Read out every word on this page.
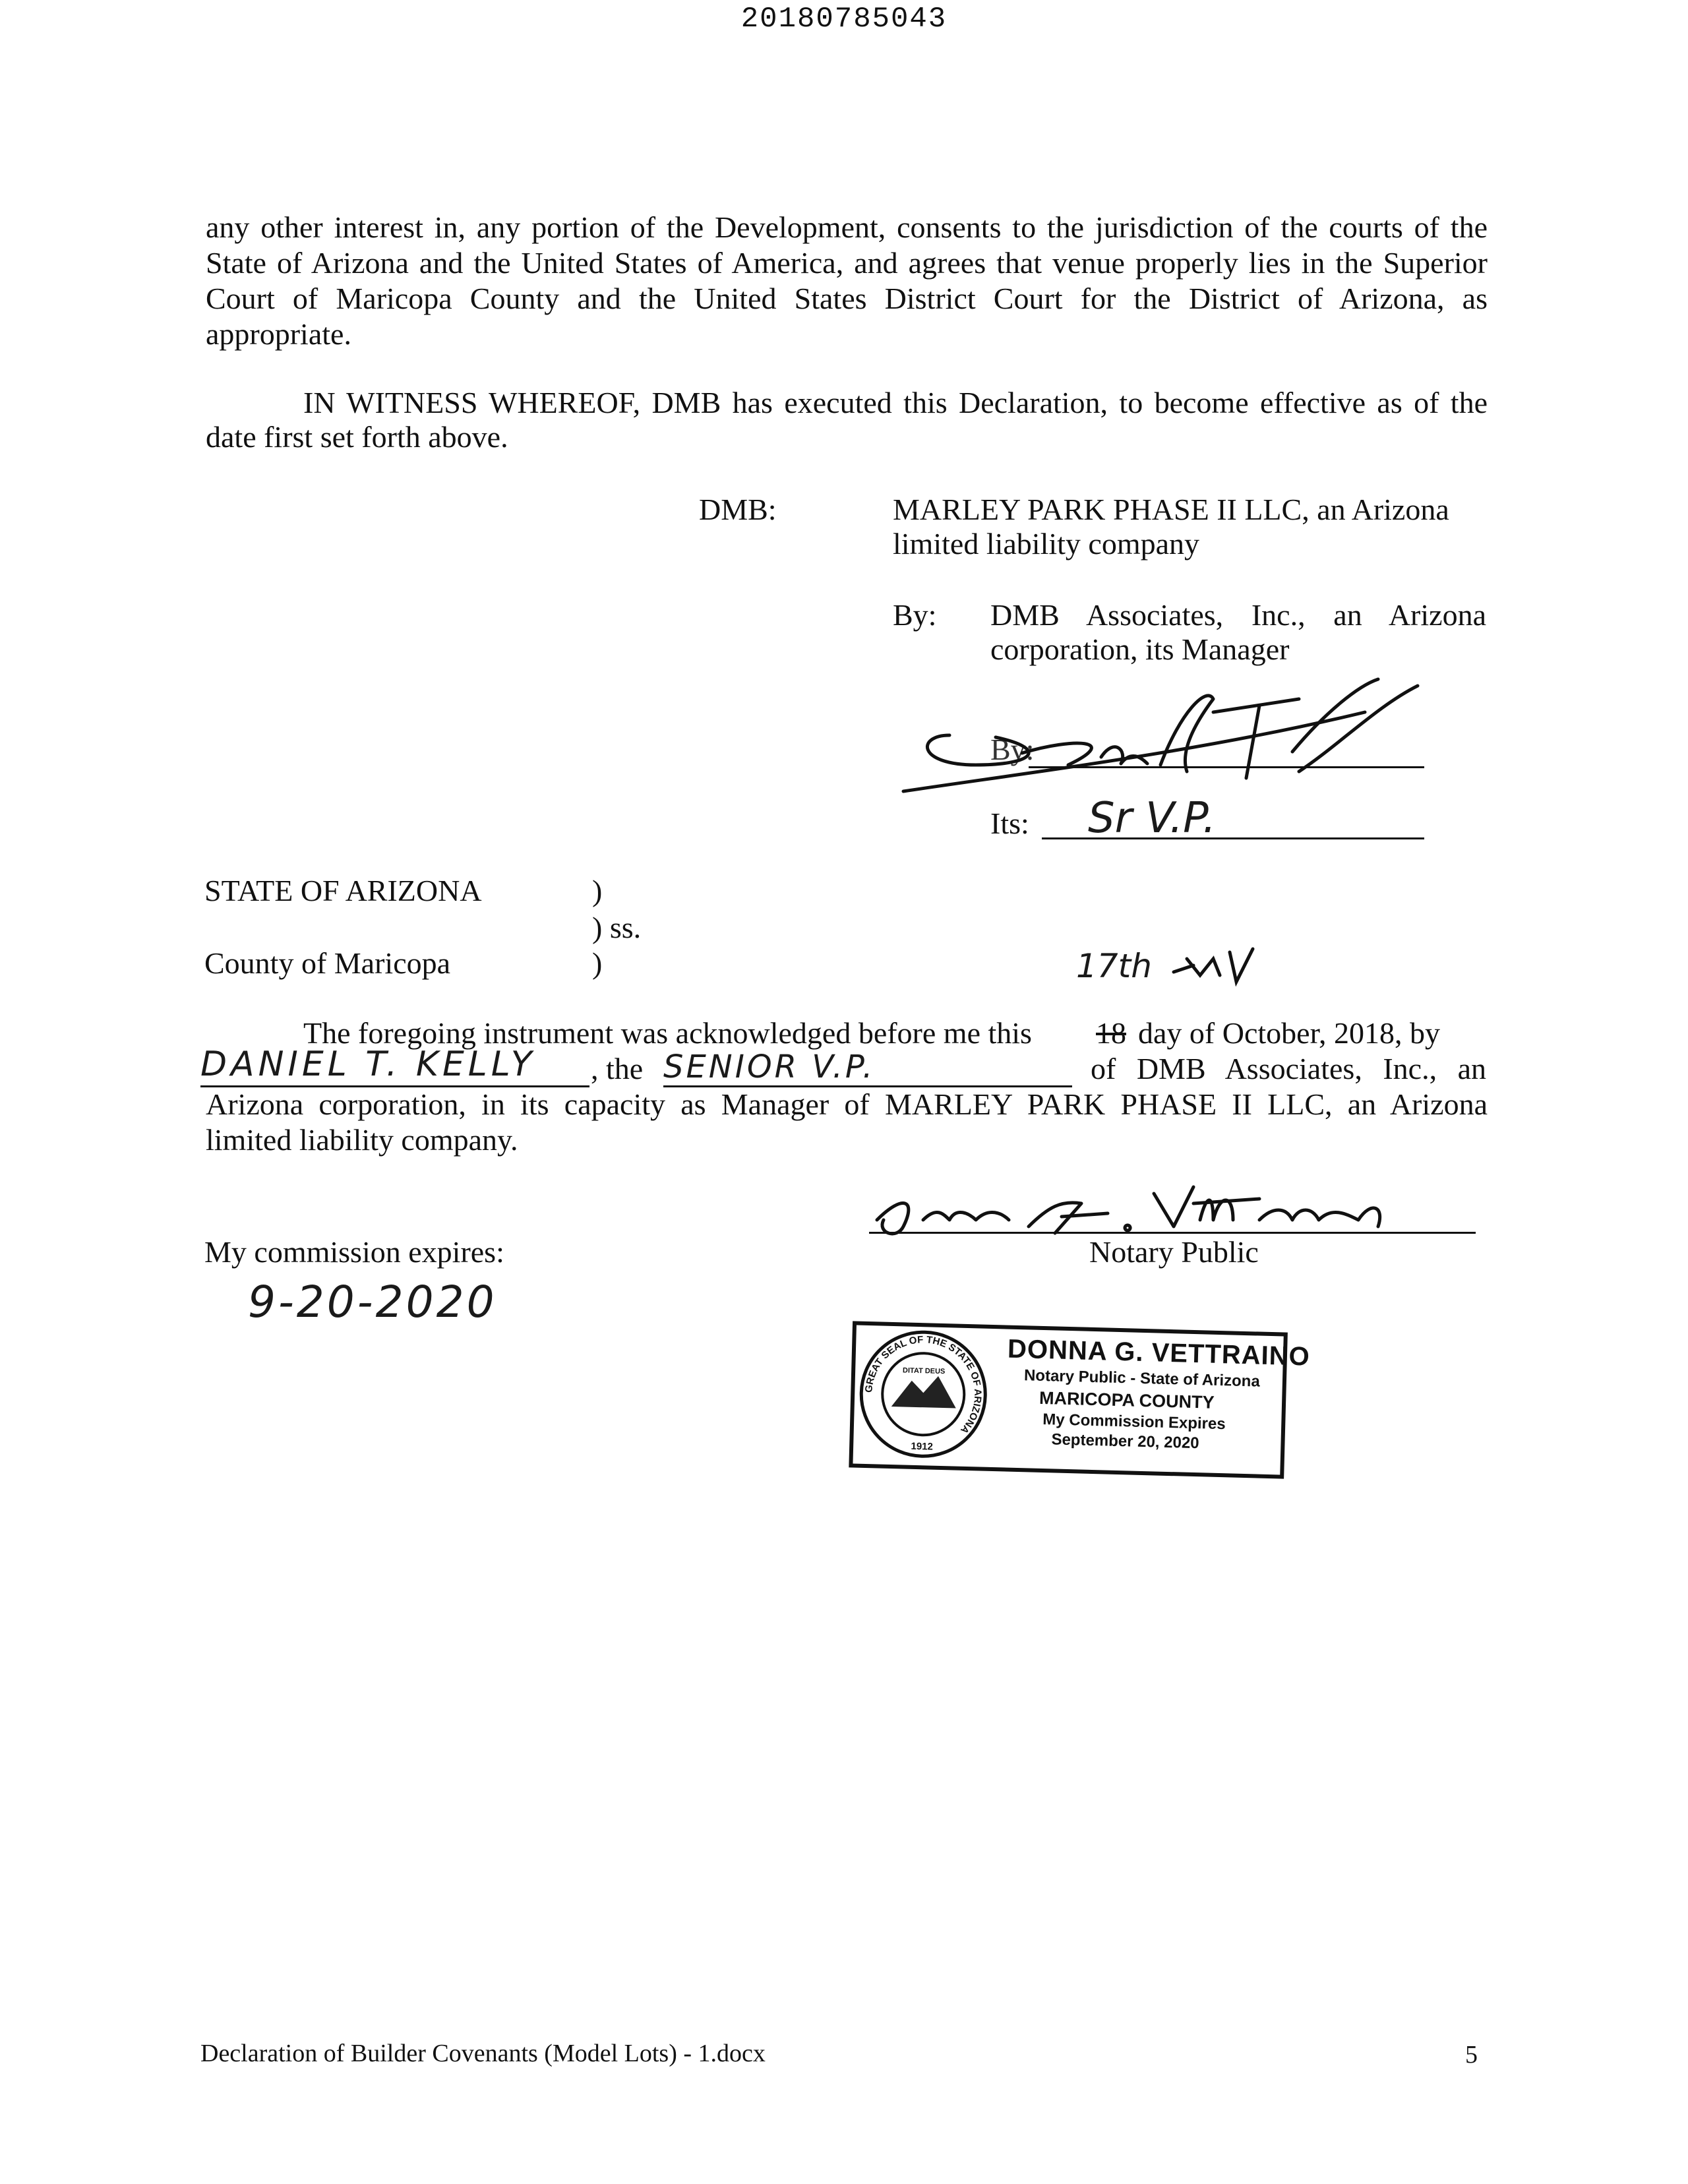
20180785043
any other interest in, any portion of the Development, consents to the jurisdiction of the courts of the
State of Arizona and the United States of America, and agrees that venue properly lies in the Superior
Court of Maricopa County and the United States District Court for the District of Arizona, as
appropriate.
IN WITNESS WHEREOF, DMB has executed this Declaration, to become effective as of the
date first set forth above.
DMB:	MARLEY PARK PHASE II LLC, an Arizona
limited liability company
By: DMB Associates, Inc., an Arizona
corporation, its Manager
By:
Its: Sr V.P.
STATE OF ARIZONA	)
) ss.
County of Maricopa	)	17th
The foregoing instrument was acknowledged before me this 18 day of October, 2018, by
DANIEL T. KELLY , the SENIOR V.P.	of DMB Associates, Inc., an
Arizona corporation, in its capacity as Manager of MARLEY PARK PHASE II LLC, an Arizona
limited liability company.
Notary Public
My commission expires:
9-20-2020
GREAT SEAL OF THE STATE OF ARIZONA
DITAT DEUS
1912
DONNA G. VETTRAINO
Notary Public - State of Arizona
MARICOPA COUNTY
My Commission Expires
September 20, 2020
Declaration of Builder Covenants (Model Lots) - 1.docx	5
